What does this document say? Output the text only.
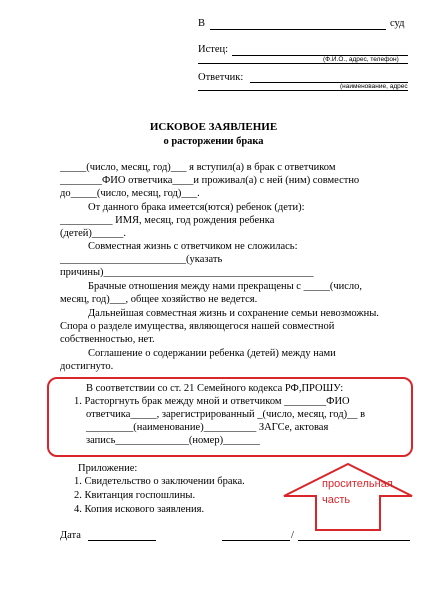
В	суд
Истец:
(Ф.И.О., адрес, телефон)
Ответчик:
(наименование, адрес
ИСКОВОЕ ЗАЯВЛЕНИЕ
о расторжении брака
_____(число, месяц, год)___ я вступил(а) в брак с ответчиком
________ФИО ответчика____и проживал(а) с ней (ним) совместно
до_____(число, месяц, год)___.
От данного брака имеется(ются) ребенок (дети):
__________ ИМЯ, месяц, год рождения ребенка
(детей)______.
Совместная жизнь с ответчиком не сложилась:
________________________(указать
причины)________________________________________
Брачные отношения между нами прекращены с _____(число,
месяц, год)___, общее хозяйство не ведется.
Дальнейшая совместная жизнь и сохранение семьи невозможны.
Спора о разделе имущества, являющегося нашей совместной
собственностью, нет.
Соглашение о содержании ребенка (детей) между нами
достигнуто.
В соответствии со ст. 21 Семейного кодекса РФ,ПРОШУ:
1. Расторгнуть брак между мной и ответчиком ________ФИО
ответчика_____, зарегистрированный _(число, месяц, год)__ в
_________(наименование)__________ ЗАГСе, актовая
запись______________(номер)_______
Приложение:
1. Свидетельство о заключении брака.
2. Квитанция госпошлины.
4. Копия искового заявления.
просительная
часть
Дата	/
